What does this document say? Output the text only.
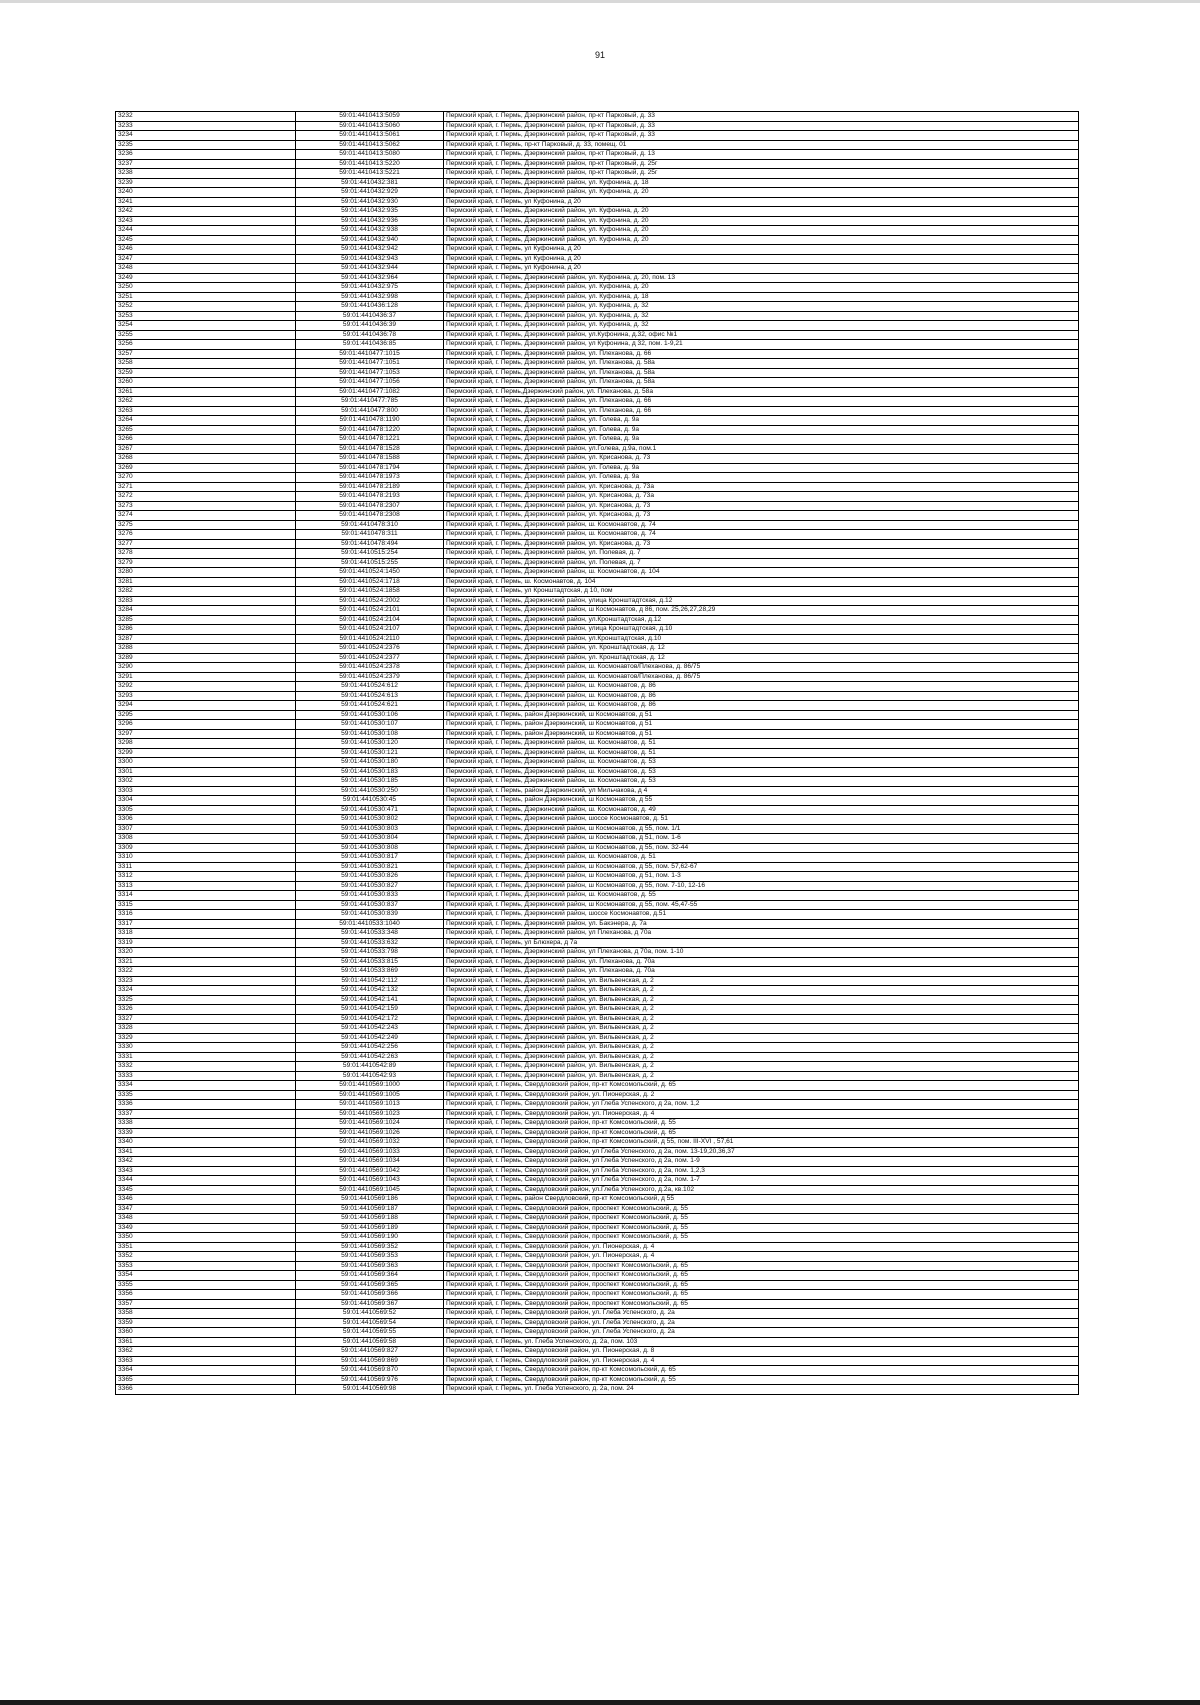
91
3232	59:01:4410413:5059	Пермский край, г. Пермь, Дзержинский район, пр-кт Парковый, д. 33
3233	59:01:4410413:5060	Пермский край, г. Пермь, Дзержинский район, пр-кт Парковый, д. 33
3234	59:01:4410413:5061	Пермский край, г. Пермь, Дзержинский район, пр-кт Парковый, д. 33
3235	59:01:4410413:5062	Пермский край, г. Пермь, пр-кт Парковый, д. 33, помещ. 01
3236	59:01:4410413:5080	Пермский край, г. Пермь, Дзержинский район, пр-кт Парковый, д. 13
3237	59:01:4410413:5220	Пермский край, г. Пермь, Дзержинский район, пр-кт Парковый, д. 25г
3238	59:01:4410413:5221	Пермский край, г. Пермь, Дзержинский район, пр-кт Парковый, д. 25г
3239	59:01:4410432:381	Пермский край, г. Пермь, Дзержинский район, ул. Куфонина, д. 18
3240	59:01:4410432:929	Пермский край, г. Пермь, Дзержинский район, ул. Куфонина, д. 20
3241	59:01:4410432:930	Пермский край, г. Пермь, ул Куфонина, д 20
3242	59:01:4410432:935	Пермский край, г. Пермь, Дзержинский район, ул. Куфонина, д. 20
3243	59:01:4410432:936	Пермский край, г. Пермь, Дзержинский район, ул. Куфонина, д. 20
3244	59:01:4410432:938	Пермский край, г. Пермь, Дзержинский район, ул. Куфонина, д. 20
3245	59:01:4410432:940	Пермский край, г. Пермь, Дзержинский район, ул. Куфонина, д. 20
3246	59:01:4410432:942	Пермский край, г. Пермь, ул Куфонина, д 20
3247	59:01:4410432:943	Пермский край, г. Пермь, ул Куфонина, д 20
3248	59:01:4410432:944	Пермский край, г. Пермь, ул Куфонина, д 20
3249	59:01:4410432:964	Пермский край, г. Пермь, Дзержинский район, ул. Куфонина, д. 20, пом. 13
3250	59:01:4410432:975	Пермский край, г. Пермь, Дзержинский район, ул. Куфонина, д. 20
3251	59:01:4410432:998	Пермский край, г. Пермь, Дзержинский район, ул. Куфонина, д. 18
3252	59:01:4410436:128	Пермский край, г. Пермь, Дзержинский район, ул. Куфонина, д. 32
3253	59:01:4410436:37	Пермский край, г. Пермь, Дзержинский район, ул. Куфонина, д. 32
3254	59:01:4410436:39	Пермский край, г. Пермь, Дзержинский район, ул. Куфонина, д. 32
3255	59:01:4410436:78	Пермский край, г. Пермь, Дзержинский район, ул.Куфонина, д.32, офис №1
3256	59:01:4410436:85	Пермский край, г. Пермь, Дзержинский район, ул Куфонина, д 32, пом. 1-9,21
3257	59:01:4410477:1015	Пермский край, г. Пермь, Дзержинский район, ул. Плеханова, д. 66
3258	59:01:4410477:1051	Пермский край, г. Пермь, Дзержинский район, ул. Плеханова, д. 58а
3259	59:01:4410477:1053	Пермский край, г. Пермь, Дзержинский район, ул. Плеханова, д. 58а
3260	59:01:4410477:1056	Пермский край, г. Пермь, Дзержинский район, ул. Плеханова, д. 58а
3261	59:01:4410477:1082	Пермский край, г. Пермь,Дзержинский район, ул. Плеханова, д. 58а
3262	59:01:4410477:785	Пермский край, г. Пермь, Дзержинский район, ул. Плеханова, д. 66
3263	59:01:4410477:800	Пермский край, г. Пермь, Дзержинский район, ул. Плеханова, д. 66
3264	59:01:4410478:1190	Пермский край, г. Пермь, Дзержинский район, ул. Голева, д. 9а
3265	59:01:4410478:1220	Пермский край, г. Пермь, Дзержинский район, ул. Голева, д. 9а
3266	59:01:4410478:1221	Пермский край, г. Пермь, Дзержинский район, ул. Голева, д. 9а
3267	59:01:4410478:1528	Пермский край, г. Пермь, Дзержинский район, ул.Голева, д.9а, пом.1
3268	59:01:4410478:1588	Пермский край, г. Пермь, Дзержинский район, ул. Крисанова, д. 73
3269	59:01:4410478:1794	Пермский край, г. Пермь, Дзержинский район, ул. Голева, д. 9а
3270	59:01:4410478:1973	Пермский край, г. Пермь, Дзержинский район, ул. Голева, д. 9а
3271	59:01:4410478:2189	Пермский край, г. Пермь, Дзержинский район, ул. Крисанова, д. 73а
3272	59:01:4410478:2193	Пермский край, г. Пермь, Дзержинский район, ул. Крисанова, д. 73а
3273	59:01:4410478:2307	Пермский край, г. Пермь, Дзержинский район, ул. Крисанова, д. 73
3274	59:01:4410478:2308	Пермский край, г. Пермь, Дзержинский район, ул. Крисанова, д. 73
3275	59:01:4410478:310	Пермский край, г. Пермь, Дзержинский район, ш. Космонавтов, д. 74
3276	59:01:4410478:311	Пермский край, г. Пермь, Дзержинский район, ш. Космонавтов, д. 74
3277	59:01:4410478:494	Пермский край, г. Пермь, Дзержинский район, ул. Крисанова, д. 73
3278	59:01:4410515:254	Пермский край, г. Пермь, Дзержинский район, ул. Полевая, д. 7
3279	59:01:4410515:255	Пермский край, г. Пермь, Дзержинский район, ул. Полевая, д. 7
3280	59:01:4410524:1450	Пермский край, г. Пермь, Дзержинский район, ш. Космонавтов, д. 104
3281	59:01:4410524:1718	Пермский край, г. Пермь, ш. Космонавтов, д. 104
3282	59:01:4410524:1858	Пермский край, г. Пермь, ул Кронштадтская, д 10, пом
3283	59:01:4410524:2002	Пермский край, г. Пермь, Дзержинский район, улица Кронштадтская, д.12
3284	59:01:4410524:2101	Пермский край, г. Пермь, Дзержинский район, ш Космонавтов, д 86, пом. 25,26,27,28,29
3285	59:01:4410524:2104	Пермский край, г. Пермь, Дзержинский район, ул.Кронштадтская, д.12
3286	59:01:4410524:2107	Пермский край, г. Пермь, Дзержинский район, улица Кронштадтская, д.10
3287	59:01:4410524:2110	Пермский край, г. Пермь, Дзержинский район, ул.Кронштадтская, д.10
3288	59:01:4410524:2376	Пермский край, г. Пермь, Дзержинский район, ул. Кронштадтская, д. 12
3289	59:01:4410524:2377	Пермский край, г. Пермь, Дзержинский район, ул. Кронштадтская, д. 12
3290	59:01:4410524:2378	Пермский край, г. Пермь, Дзержинский район, ш. Космонавтов/Плеханова, д. 86/75
3291	59:01:4410524:2379	Пермский край, г. Пермь, Дзержинский район, ш. Космонавтов/Плеханова, д. 86/75
3292	59:01:4410524:612	Пермский край, г. Пермь, Дзержинский район, ш. Космонавтов, д. 86
3293	59:01:4410524:613	Пермский край, г. Пермь, Дзержинский район, ш. Космонавтов, д. 86
3294	59:01:4410524:621	Пермский край, г. Пермь, Дзержинский район, ш. Космонавтов, д. 86
3295	59:01:4410530:106	Пермский край, г. Пермь, район Дзержинский, ш Космонавтов, д 51
3296	59:01:4410530:107	Пермский край, г. Пермь, район Дзержинский, ш Космонавтов, д 51
3297	59:01:4410530:108	Пермский край, г. Пермь, район Дзержинский, ш Космонавтов, д 51
3298	59:01:4410530:120	Пермский край, г. Пермь, Дзержинский район, ш. Космонавтов, д. 51
3299	59:01:4410530:121	Пермский край, г. Пермь, Дзержинский район, ш. Космонавтов, д. 51
3300	59:01:4410530:180	Пермский край, г. Пермь, Дзержинский район, ш. Космонавтов, д. 53
3301	59:01:4410530:183	Пермский край, г. Пермь, Дзержинский район, ш. Космонавтов, д. 53
3302	59:01:4410530:185	Пермский край, г. Пермь, Дзержинский район, ш. Космонавтов, д. 53
3303	59:01:4410530:250	Пермский край, г. Пермь, район Дзержинский, ул Мильчакова, д 4
3304	59:01:4410530:45	Пермский край, г. Пермь, район Дзержинский, ш Космонавтов, д 55
3305	59:01:4410530:471	Пермский край, г. Пермь, Дзержинский район, ш. Космонавтов, д. 49
3306	59:01:4410530:802	Пермский край, г. Пермь, Дзержинский район, шоссе Космонавтов, д. 51
3307	59:01:4410530:803	Пермский край, г. Пермь, Дзержинский район, ш Космонавтов, д 55, пом. 1/1
3308	59:01:4410530:804	Пермский край, г. Пермь, Дзержинский район, ш Космонавтов, д 51, пом. 1-6
3309	59:01:4410530:808	Пермский край, г. Пермь, Дзержинский район, ш Космонавтов, д 55, пом. 32-44
3310	59:01:4410530:817	Пермский край, г. Пермь, Дзержинский район, ш. Космонавтов, д. 51
3311	59:01:4410530:821	Пермский край, г. Пермь, Дзержинский район, ш Космонавтов, д 55, пом. 57,62-67
3312	59:01:4410530:826	Пермский край, г. Пермь, Дзержинский район, ш Космонавтов, д 51, пом. 1-3
3313	59:01:4410530:827	Пермский край, г. Пермь, Дзержинский район, ш Космонавтов, д 55, пом. 7-10, 12-16
3314	59:01:4410530:833	Пермский край, г. Пермь, Дзержинский район, ш. Космонавтов, д. 55
3315	59:01:4410530:837	Пермский край, г. Пермь, Дзержинский район, ш Космонавтов, д 55, пом. 45,47-55
3316	59:01:4410530:839	Пермский край, г. Пермь, Дзержинский район, шоссе Космонавтов, д.51
3317	59:01:4410533:1040	Пермский край, г. Пермь, Дзержинский район, ул. Бакэнера, д. 7а
3318	59:01:4410533:348	Пермский край, г. Пермь, Дзержинский район, ул Плеханова, д 70а
3319	59:01:4410533:632	Пермский край, г. Пермь, ул Блюхера, д 7а
3320	59:01:4410533:798	Пермский край, г. Пермь, Дзержинский район, ул Плеханова, д 70а, пом. 1-10
3321	59:01:4410533:815	Пермский край, г. Пермь, Дзержинский район, ул. Плеханова, д. 70а
3322	59:01:4410533:869	Пермский край, г. Пермь, Дзержинский район, ул. Плеханова, д. 70а
3323	59:01:4410542:112	Пермский край, г. Пермь, Дзержинский район, ул. Вильвенская, д. 2
3324	59:01:4410542:132	Пермский край, г. Пермь, Дзержинский район, ул. Вильвенская, д. 2
3325	59:01:4410542:141	Пермский край, г. Пермь, Дзержинский район, ул. Вильвенская, д. 2
3326	59:01:4410542:159	Пермский край, г. Пермь, Дзержинский район, ул. Вильвенская, д. 2
3327	59:01:4410542:172	Пермский край, г. Пермь, Дзержинский район, ул. Вильвенская, д. 2
3328	59:01:4410542:243	Пермский край, г. Пермь, Дзержинский район, ул. Вильвенская, д. 2
3329	59:01:4410542:249	Пермский край, г. Пермь, Дзержинский район, ул. Вильвенская, д. 2
3330	59:01:4410542:256	Пермский край, г. Пермь, Дзержинский район, ул. Вильвенская, д. 2
3331	59:01:4410542:263	Пермский край, г. Пермь, Дзержинский район, ул. Вильвенская, д. 2
3332	59:01:4410542:89	Пермский край, г. Пермь, Дзержинский район, ул. Вильвенская, д. 2
3333	59:01:4410542:93	Пермский край, г. Пермь, Дзержинский район, ул. Вильвенская, д. 2
3334	59:01:4410569:1000	Пермский край, г. Пермь, Свердловский район, пр-кт Комсомольский, д. 65
3335	59:01:4410569:1005	Пермский край, г. Пермь, Свердловский район, ул. Пионерская, д. 2
3336	59:01:4410569:1013	Пермский край, г. Пермь, Свердловский район, ул Глеба Успенского, д 2а, пом. 1,2
3337	59:01:4410569:1023	Пермский край, г. Пермь, Свердловский район, ул. Пионерская, д. 4
3338	59:01:4410569:1024	Пермский край, г. Пермь, Свердловский район, пр-кт Комсомольский, д. 55
3339	59:01:4410569:1026	Пермский край, г. Пермь, Свердловский район, пр-кт Комсомольский, д. 65
3340	59:01:4410569:1032	Пермский край, г. Пермь, Свердловский район, пр-кт Комсомольский, д 55, пом. III-XVI , 57,61
3341	59:01:4410569:1033	Пермский край, г. Пермь, Свердловский район, ул Глеба Успенского, д 2а, пом. 13-19,20,36,37
3342	59:01:4410569:1034	Пермский край, г. Пермь, Свердловский район, ул Глеба Успенского, д 2а, пом. 1-9
3343	59:01:4410569:1042	Пермский край, г. Пермь, Свердловский район, ул Глеба Успенского, д 2а, пом. 1,2,3
3344	59:01:4410569:1043	Пермский край, г. Пермь, Свердловский район, ул Глеба Успенского, д 2а, пом. 1-7
3345	59:01:4410569:1045	Пермский край, г. Пермь, Свердловский район, ул.Глеба Успенского, д.2а, кв.102
3346	59:01:4410569:186	Пермский край, г. Пермь, район Свердловский, пр-кт Комсомольский, д 55
3347	59:01:4410569:187	Пермский край, г. Пермь, Свердловский район, проспект Комсомольский, д. 55
3348	59:01:4410569:188	Пермский край, г. Пермь, Свердловский район, проспект Комсомольский, д. 55
3349	59:01:4410569:189	Пермский край, г. Пермь, Свердловский район, проспект Комсомольский, д. 55
3350	59:01:4410569:190	Пермский край, г. Пермь, Свердловский район, проспект Комсомольский, д. 55
3351	59:01:4410569:352	Пермский край, г. Пермь, Свердловский район, ул. Пионерская, д. 4
3352	59:01:4410569:353	Пермский край, г. Пермь, Свердловский район, ул. Пионерская, д. 4
3353	59:01:4410569:363	Пермский край, г. Пермь, Свердловский район, проспект Комсомольский, д. 65
3354	59:01:4410569:364	Пермский край, г. Пермь, Свердловский район, проспект Комсомольский, д. 65
3355	59:01:4410569:365	Пермский край, г. Пермь, Свердловский район, проспект Комсомольский, д. 65
3356	59:01:4410569:366	Пермский край, г. Пермь, Свердловский район, проспект Комсомольский, д. 65
3357	59:01:4410569:367	Пермский край, г. Пермь, Свердловский район, проспект Комсомольский, д. 65
3358	59:01:4410569:52	Пермский край, г. Пермь, Свердловский район, ул. Глеба Успенского, д. 2а
3359	59:01:4410569:54	Пермский край, г. Пермь, Свердловский район, ул. Глеба Успенского, д. 2а
3360	59:01:4410569:55	Пермский край, г. Пермь, Свердловский район, ул. Глеба Успенского, д. 2а
3361	59:01:4410569:58	Пермский край, г. Пермь, ул. Глеба Успенского, д. 2а, пом. 103
3362	59:01:4410569:827	Пермский край, г. Пермь, Свердловский район, ул. Пионерская, д. 8
3363	59:01:4410569:869	Пермский край, г. Пермь, Свердловский район, ул. Пионерская, д. 4
3364	59:01:4410569:870	Пермский край, г. Пермь, Свердловский район, пр-кт Комсомольский, д. 65
3365	59:01:4410569:976	Пермский край, г. Пермь, Свердловский район, пр-кт Комсомольский, д. 55
3366	59:01:4410569:98	Пермский край, г. Пермь, ул. Глеба Успенского, д. 2а, пом. 24
